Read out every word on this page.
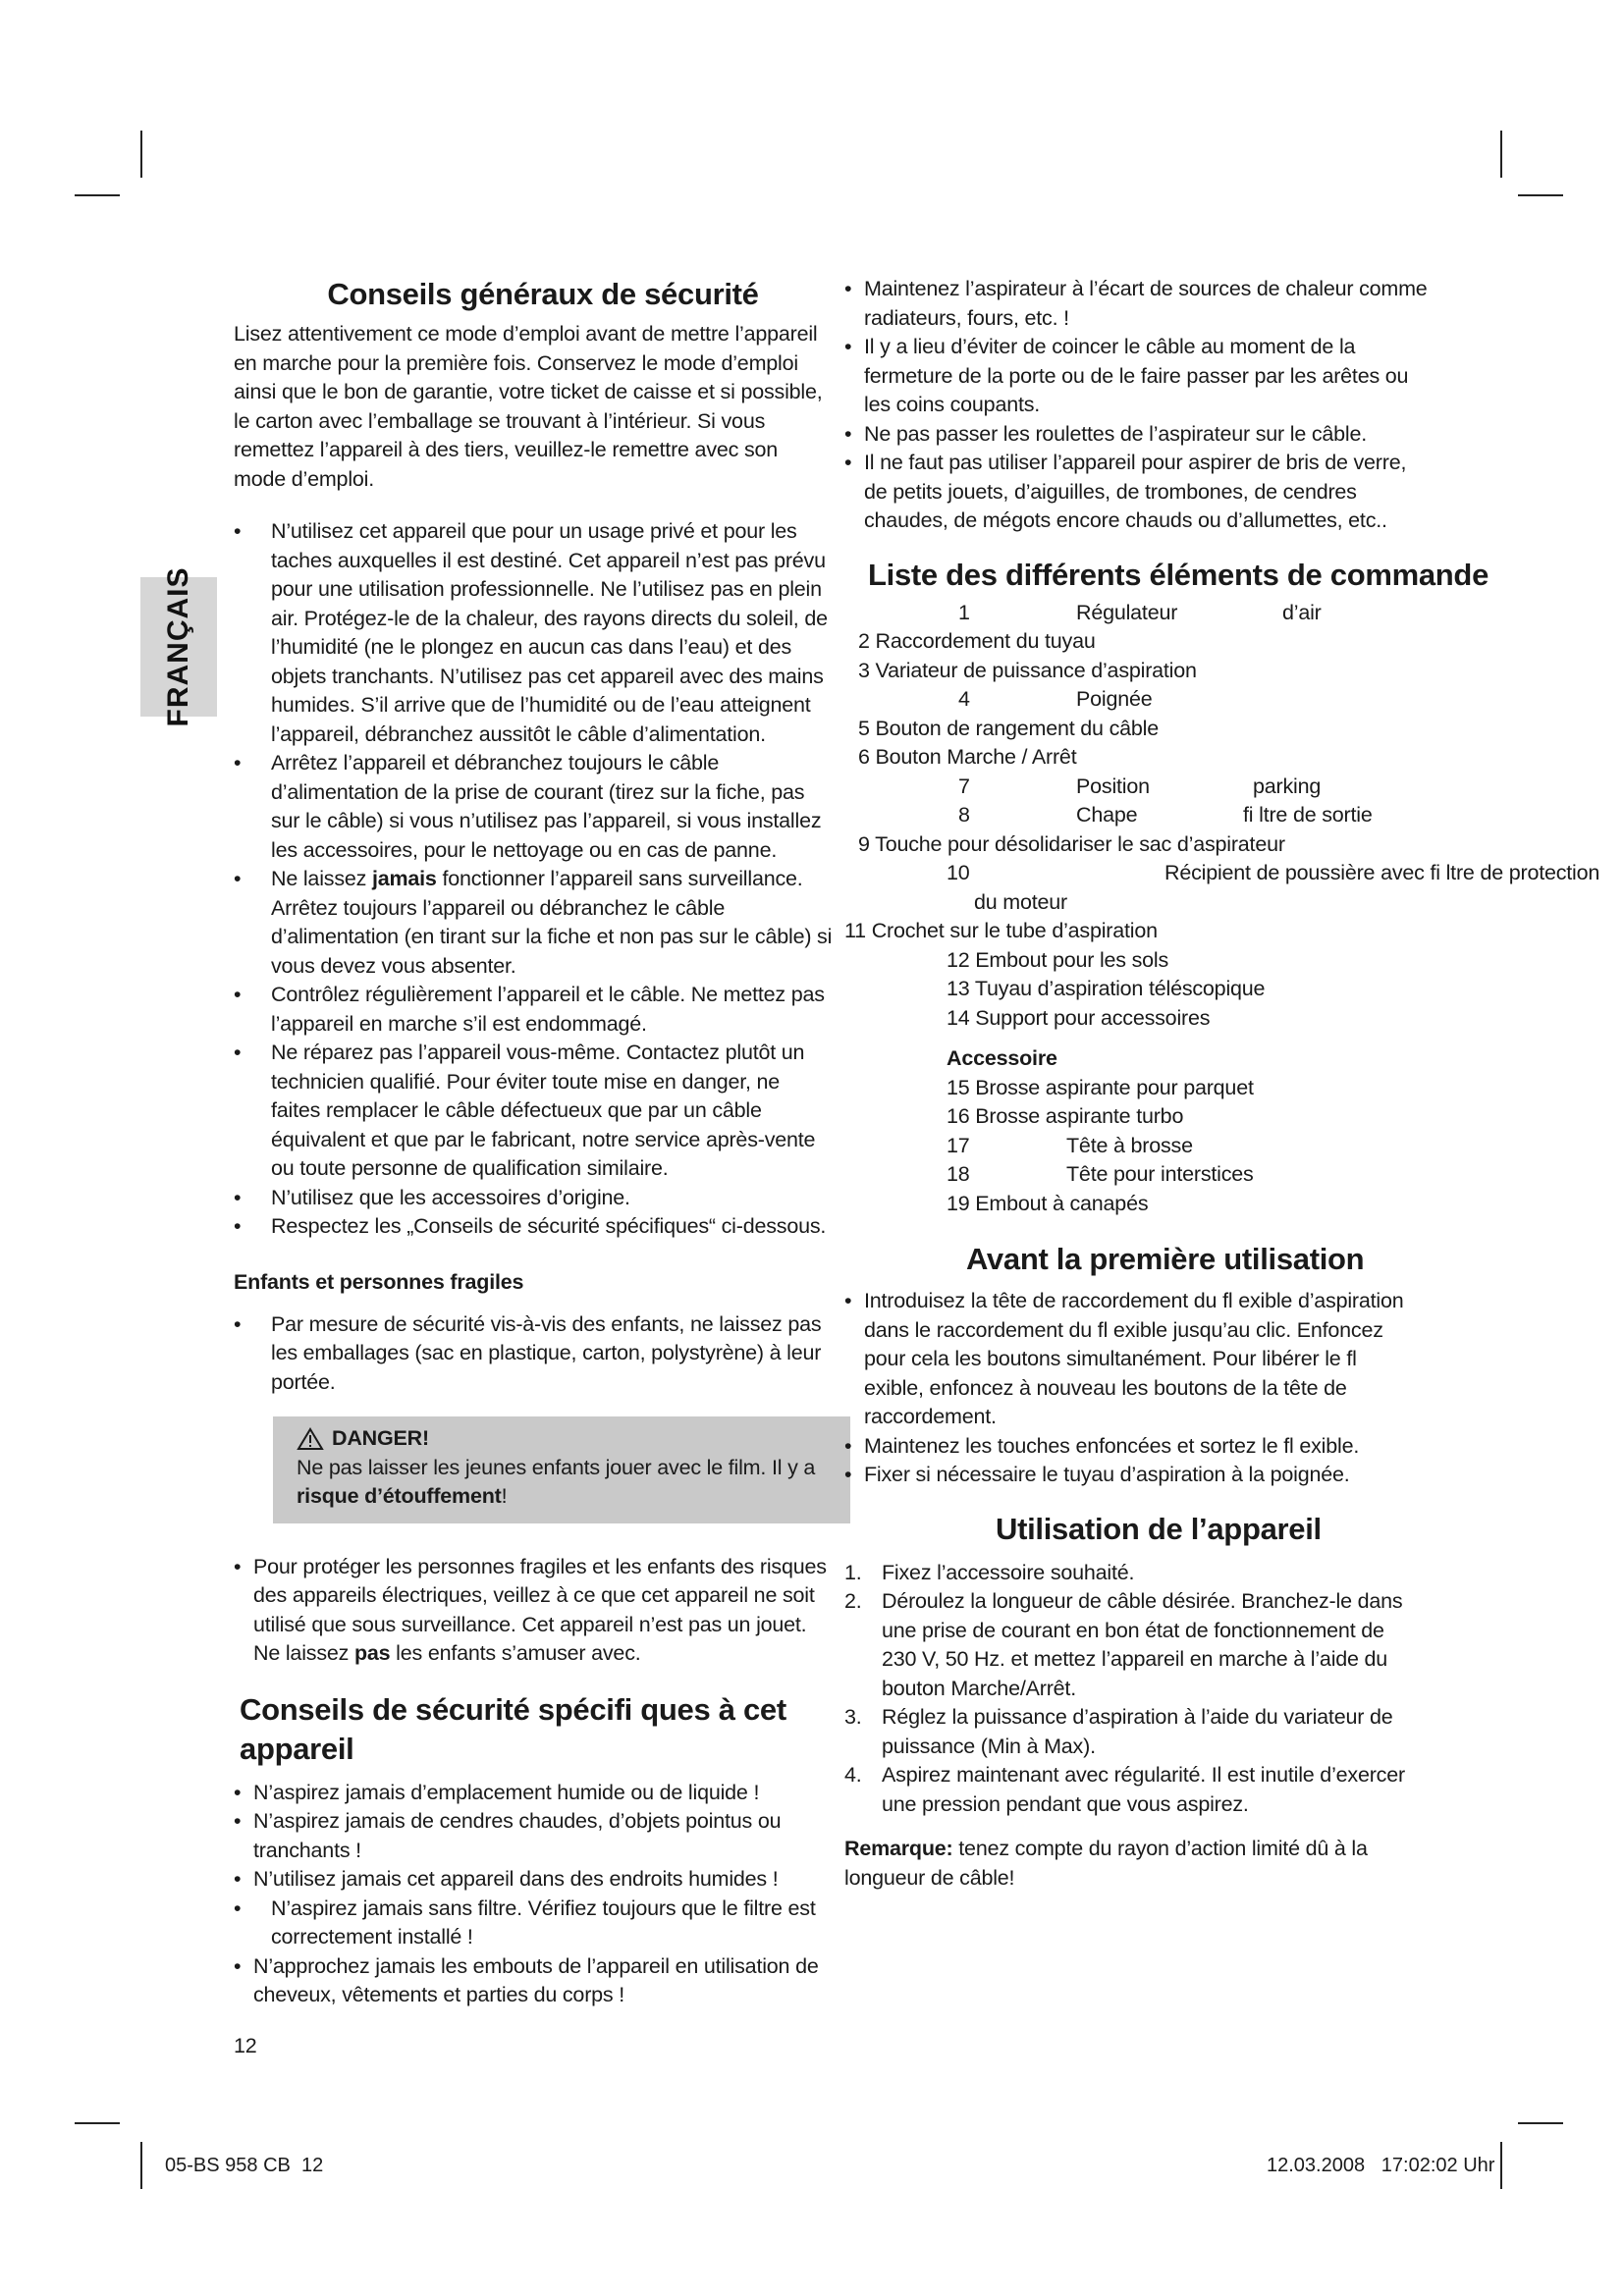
FRANÇAIS
Conseils généraux de sécurité

Lisez attentivement ce mode d’emploi avant de mettre l’appareil en marche pour la première fois. Conservez le mode d’emploi ainsi que le bon de garantie, votre ticket de caisse et si possible, le carton avec l’emballage se trouvant à l’intérieur. Si vous remettez l’appareil à des tiers, veuillez-le remettre avec son mode d’emploi.

• N’utilisez cet appareil que pour un usage privé et pour les taches auxquelles il est destiné. Cet appareil n’est pas prévu pour une utilisation professionnelle. Ne l’utilisez pas en plein air. Protégez-le de la chaleur, des rayons directs du soleil, de l’humidité (ne le plongez en aucun cas dans l’eau) et des objets tranchants. N’utilisez pas cet appareil avec des mains humides. S’il arrive que de l’humidité ou de l’eau atteignent l’appareil, débranchez aussitôt le câble d’alimentation.
• Arrêtez l’appareil et débranchez toujours le câble d’alimentation de la prise de courant (tirez sur la fiche, pas sur le câble) si vous n’utilisez pas l’appareil, si vous installez les accessoires, pour le nettoyage ou en cas de panne.
• Ne laissez jamais fonctionner l’appareil sans surveillance. Arrêtez toujours l’appareil ou débranchez le câble d’alimentation (en tirant sur la fiche et non pas sur le câble) si vous devez vous absenter.
• Contrôlez régulièrement l’appareil et le câble. Ne mettez pas l’appareil en marche s’il est endommagé.
• Ne réparez pas l’appareil vous-même. Contactez plutôt un technicien qualifié. Pour éviter toute mise en danger, ne faites remplacer le câble défectueux que par un câble équivalent et que par le fabricant, notre service après-vente ou toute personne de qualification similaire.
• N’utilisez que les accessoires d’origine.
• Respectez les „Conseils de sécurité spécifiques“ ci-dessous.
Enfants et personnes fragiles
• Par mesure de sécurité vis-à-vis des enfants, ne laissez pas les emballages (sac en plastique, carton, polystyrène) à leur portée.
DANGER!

Ne pas laisser les jeunes enfants jouer avec le film. Il y a risque d’étouffement!

• Pour protéger les personnes fragiles et les enfants des risques des appareils électriques, veillez à ce que cet appareil ne soit utilisé que sous surveillance. Cet appareil n’est pas un jouet. Ne laissez pas les enfants s’amuser avec.
Conseils de sécurité spécifi ques à cet appareil
• N’aspirez jamais d’emplacement humide ou de liquide !
• N’aspirez jamais de cendres chaudes, d’objets pointus ou tranchants !
• N’utilisez jamais cet appareil dans des endroits humides !
• N’aspirez jamais sans filtre. Vérifiez toujours que le filtre est correctement installé !
• N’approchez jamais les embouts de l’appareil en utilisation de cheveux, vêtements et parties du corps !

12

• Maintenez l’aspirateur à l’écart de sources de chaleur comme radiateurs, fours, etc. !
• Il y a lieu d’éviter de coincer le câble au moment de la fermeture de la porte ou de le faire passer par les arêtes ou les coins coupants.
• Ne pas passer les roulettes de l’aspirateur sur le câble.
• Il ne faut pas utiliser l’appareil pour aspirer de bris de verre, de petits jouets, d’aiguilles, de trombones, de cendres chaudes, de mégots encore chauds ou d’allumettes, etc..
Liste des différents éléments de commande
1	Régulateur	d’air
2 Raccordement du tuyau
3 Variateur de puissance d’aspiration
4	Poignée
5 Bouton de rangement du câble
6 Bouton Marche / Arrêt
7	Position	parking
8	Chape	fi ltre de sortie
9 Touche pour désolidariser le sac d’aspirateur
10	Récipient de poussière avec fi ltre de protection
du moteur
11 Crochet sur le tube d’aspiration
12 Embout pour les sols
13 Tuyau d’aspiration téléscopique
14 Support pour accessoires
Accessoire
15 Brosse aspirante pour parquet
16 Brosse aspirante turbo
17	Tête à brosse
18	Tête pour interstices
19 Embout à canapés
Avant la première utilisation
• Introduisez la tête de raccordement du fl exible d’aspiration dans le raccordement du fl exible jusqu’au clic. Enfoncez pour cela les boutons simultanément. Pour libérer le fl exible, enfoncez à nouveau les boutons de la tête de raccordement.
• Maintenez les touches enfoncées et sortez le fl exible.
• Fixer si nécessaire le tuyau d’aspiration à la poignée.
Utilisation de l’appareil
1. Fixez l’accessoire souhaité.
2. Déroulez la longueur de câble désirée. Branchez-le dans une prise de courant en bon état de fonctionnement de 230 V, 50 Hz. et mettez l’appareil en marche à l’aide du bouton Marche/Arrêt.
3. Réglez la puissance d’aspiration à l’aide du variateur de puissance (Min à Max).
4. Aspirez maintenant avec régularité. Il est inutile d’exercer une pression pendant que vous aspirez.

Remarque: tenez compte du rayon d’action limité dû à la longueur de câble!

05-BS 958 CB  12	12.03.2008 17:02:02 Uhr
